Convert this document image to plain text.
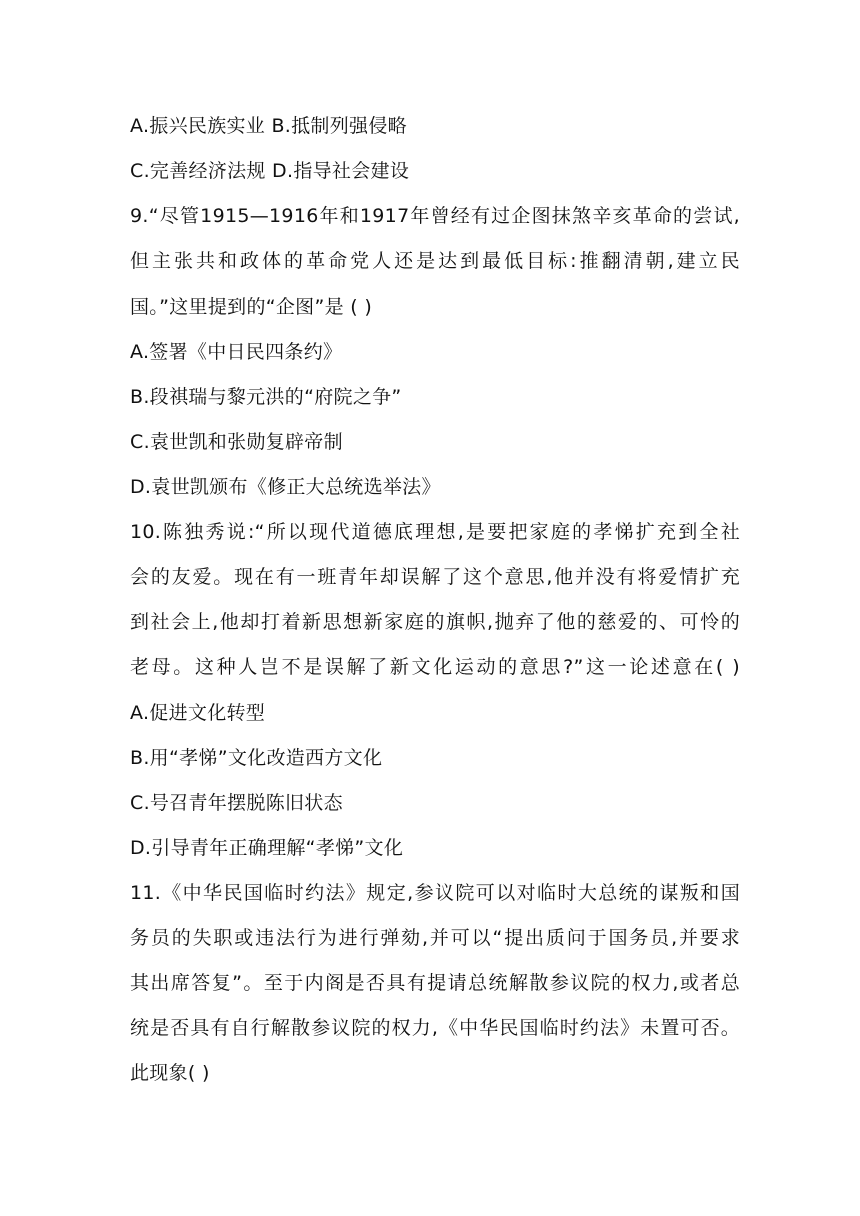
A.振兴民族实业 B.抵制列强侵略
C.完善经济法规 D.指导社会建设
9.“尽管1915—1916年和1917年曾经有过企图抹煞辛亥革命的尝试,
但主张共和政体的革命党人还是达到最低目标:推翻清朝,建立民
国。”这里提到的“企图”是 ( )
A.签署《中日民四条约》
B.段祺瑞与黎元洪的“府院之争”
C.袁世凯和张勋复辟帝制
D.袁世凯颁布《修正大总统选举法》
10.陈独秀说:“所以现代道德底理想,是要把家庭的孝悌扩充到全社
会的友爱。现在有一班青年却误解了这个意思,他并没有将爱情扩充
到社会上,他却打着新思想新家庭的旗帜,抛弃了他的慈爱的、可怜的
老母。这种人岂不是误解了新文化运动的意思?”这一论述意在( )
A.促进文化转型
B.用“孝悌”文化改造西方文化
C.号召青年摆脱陈旧状态
D.引导青年正确理解“孝悌”文化
11.《中华民国临时约法》规定,参议院可以对临时大总统的谋叛和国
务员的失职或违法行为进行弹劾,并可以“提出质问于国务员,并要求
其出席答复”。至于内阁是否具有提请总统解散参议院的权力,或者总
统是否具有自行解散参议院的权力,《中华民国临时约法》未置可否。
此现象( )
